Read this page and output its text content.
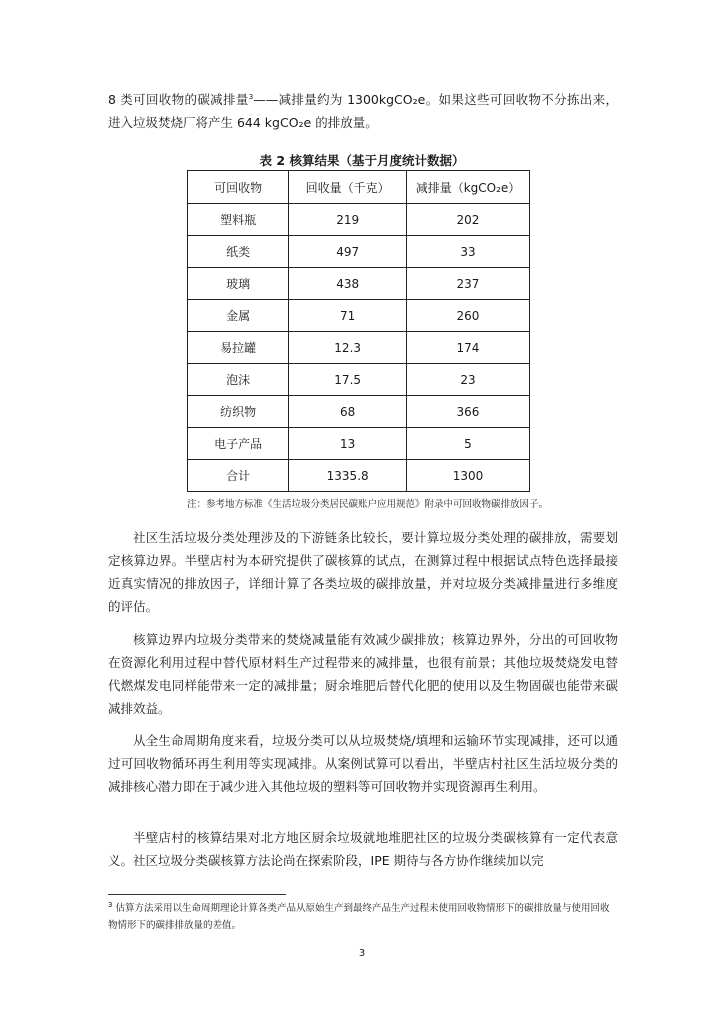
8 类可回收物的碳减排量$^3$——减排量约为 1300kgCO₂e。如果这些可回收物不分拣出来，进入垃圾焚烧厂将产生 644 kgCO₂e 的排放量。

表 2 核算结果（基于月度统计数据）
可回收物	回收量（千克）	减排量（kgCO₂e）
塑料瓶	219	202
纸类	497	33
玻璃	438	237
金属	71	260
易拉罐	12.3	174
泡沫	17.5	23
纺织物	68	366
电子产品	13	5
合计	1335.8	1300
注：参考地方标准《生活垃圾分类居民碳账户应用规范》附录中可回收物碳排放因子。

社区生活垃圾分类处理涉及的下游链条比较长，要计算垃圾分类处理的碳排放，需要划定核算边界。半壁店村为本研究提供了碳核算的试点，在测算过程中根据试点特色选择最接近真实情况的排放因子，详细计算了各类垃圾的碳排放量，并对垃圾分类减排量进行多维度的评估。

核算边界内垃圾分类带来的焚烧减量能有效减少碳排放；核算边界外，分出的可回收物在资源化利用过程中替代原材料生产过程带来的减排量，也很有前景；其他垃圾焚烧发电替代燃煤发电同样能带来一定的减排量；厨余堆肥后替代化肥的使用以及生物固碳也能带来碳减排效益。

从全生命周期角度来看，垃圾分类可以从垃圾焚烧/填埋和运输环节实现减排，还可以通过可回收物循环再生利用等实现减排。从案例试算可以看出，半壁店村社区生活垃圾分类的减排核心潜力即在于减少进入其他垃圾的塑料等可回收物并实现资源再生利用。

半壁店村的核算结果对北方地区厨余垃圾就地堆肥社区的垃圾分类碳核算有一定代表意义。社区垃圾分类碳核算方法论尚在探索阶段，IPE 期待与各方协作继续加以完

$^3$ 估算方法采用以生命周期理论计算各类产品从原始生产到最终产品生产过程未使用回收物情形下的碳排放量与使用回收物情形下的碳排排放量的差值。

3
